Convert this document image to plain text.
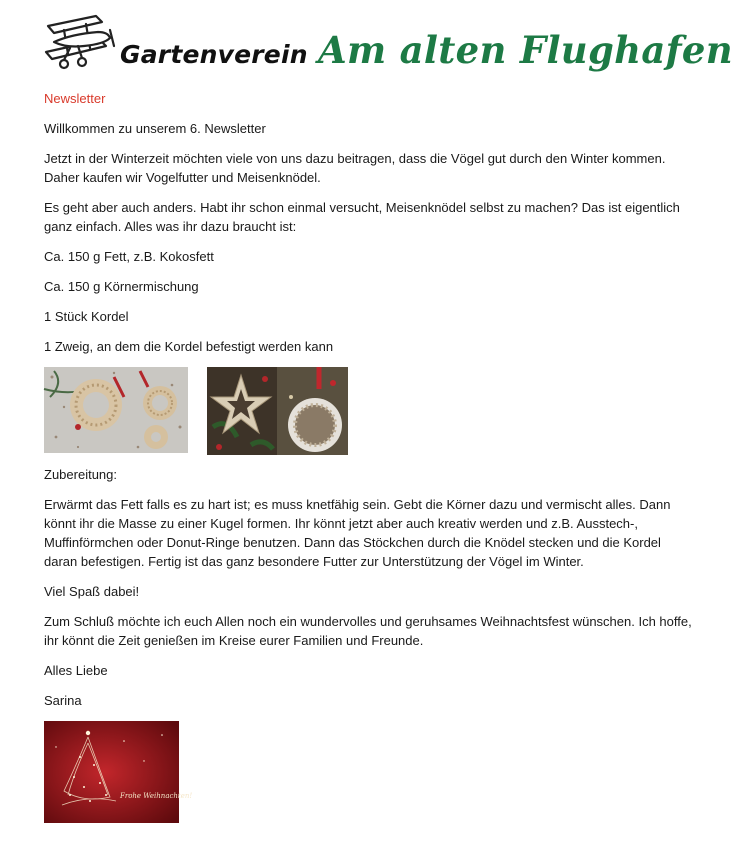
Gartenverein Am alten Flughafen

Newsletter

Willkommen zu unserem 6. Newsletter

Jetzt in der Winterzeit möchten viele von uns dazu beitragen, dass die Vögel gut durch den Winter kommen. Daher kaufen wir Vogelfutter und Meisenknödel.

Es geht aber auch anders. Habt ihr schon einmal versucht, Meisenknödel selbst zu machen? Das ist eigentlich ganz einfach. Alles was ihr dazu braucht ist:

Ca. 150 g Fett, z.B. Kokosfett

Ca. 150 g Körnermischung

1 Stück Kordel

1 Zweig, an dem die Kordel befestigt werden kann

Zubereitung:

Erwärmt das Fett falls es zu hart ist; es muss knetfähig sein. Gebt die Körner dazu und vermischt alles. Dann könnt ihr die Masse zu einer Kugel formen. Ihr könnt jetzt aber auch kreativ werden und z.B. Ausstech-, Muffinförmchen oder Donut-Ringe benutzen. Dann das Stöckchen durch die Knödel stecken und die Kordel daran befestigen. Fertig ist das ganz besondere Futter zur Unterstützung der Vögel im Winter.

Viel Spaß dabei!

Zum Schluß möchte ich euch Allen noch ein wundervolles und geruhsames Weihnachtsfest wünschen. Ich hoffe, ihr könnt die Zeit genießen im Kreise eurer Familien und Freunde.

Alles Liebe

Sarina

Frohe Weihnachten!
